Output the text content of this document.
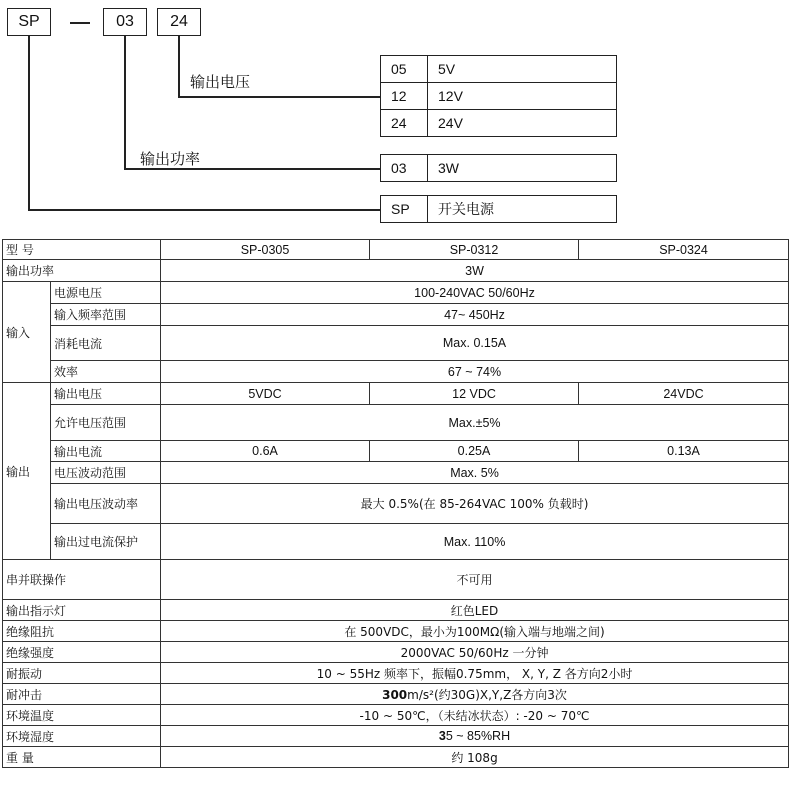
SP	03	24
输出电压
输出功率
05	5V
12	12V
24	24V
03	3W
SP	开关电源
型 号		SP-0305	SP-0312	SP-0324
输出功率		3W		
输入	电源电压	100-240VAC 50/60Hz		
	输入频率范围	47~ 450Hz		
	消耗电流	Max. 0.15A		
	效率	67 ~ 74%		
输出	输出电压	5VDC	12 VDC	24VDC
	允许电压范围	Max.±5%		
	输出电流	0.6A	0.25A	0.13A
	电压波动范围	Max. 5%		
	输出电压波动率	最大 0.5%(在 85-264VAC 100% 负载时)		
	输出过电流保护	Max. 110%		
串并联操作		不可用		
输出指示灯		红色LED		
绝缘阻抗		在 500VDC，最小为100MΩ(输入端与地端之间)		
绝缘强度		2000VAC 50/60Hz 一分钟		
耐振动		10 ~ 55Hz 频率下，振幅0.75mm， X, Y, Z 各方向2小时		
耐冲击		300m/s²(约30G)X,Y,Z各方向3次		
环境温度		-10 ~ 50℃，（未结冰状态）: -20 ~ 70℃		
环境湿度		35 ~ 85%RH		
重 量		约 108g		
